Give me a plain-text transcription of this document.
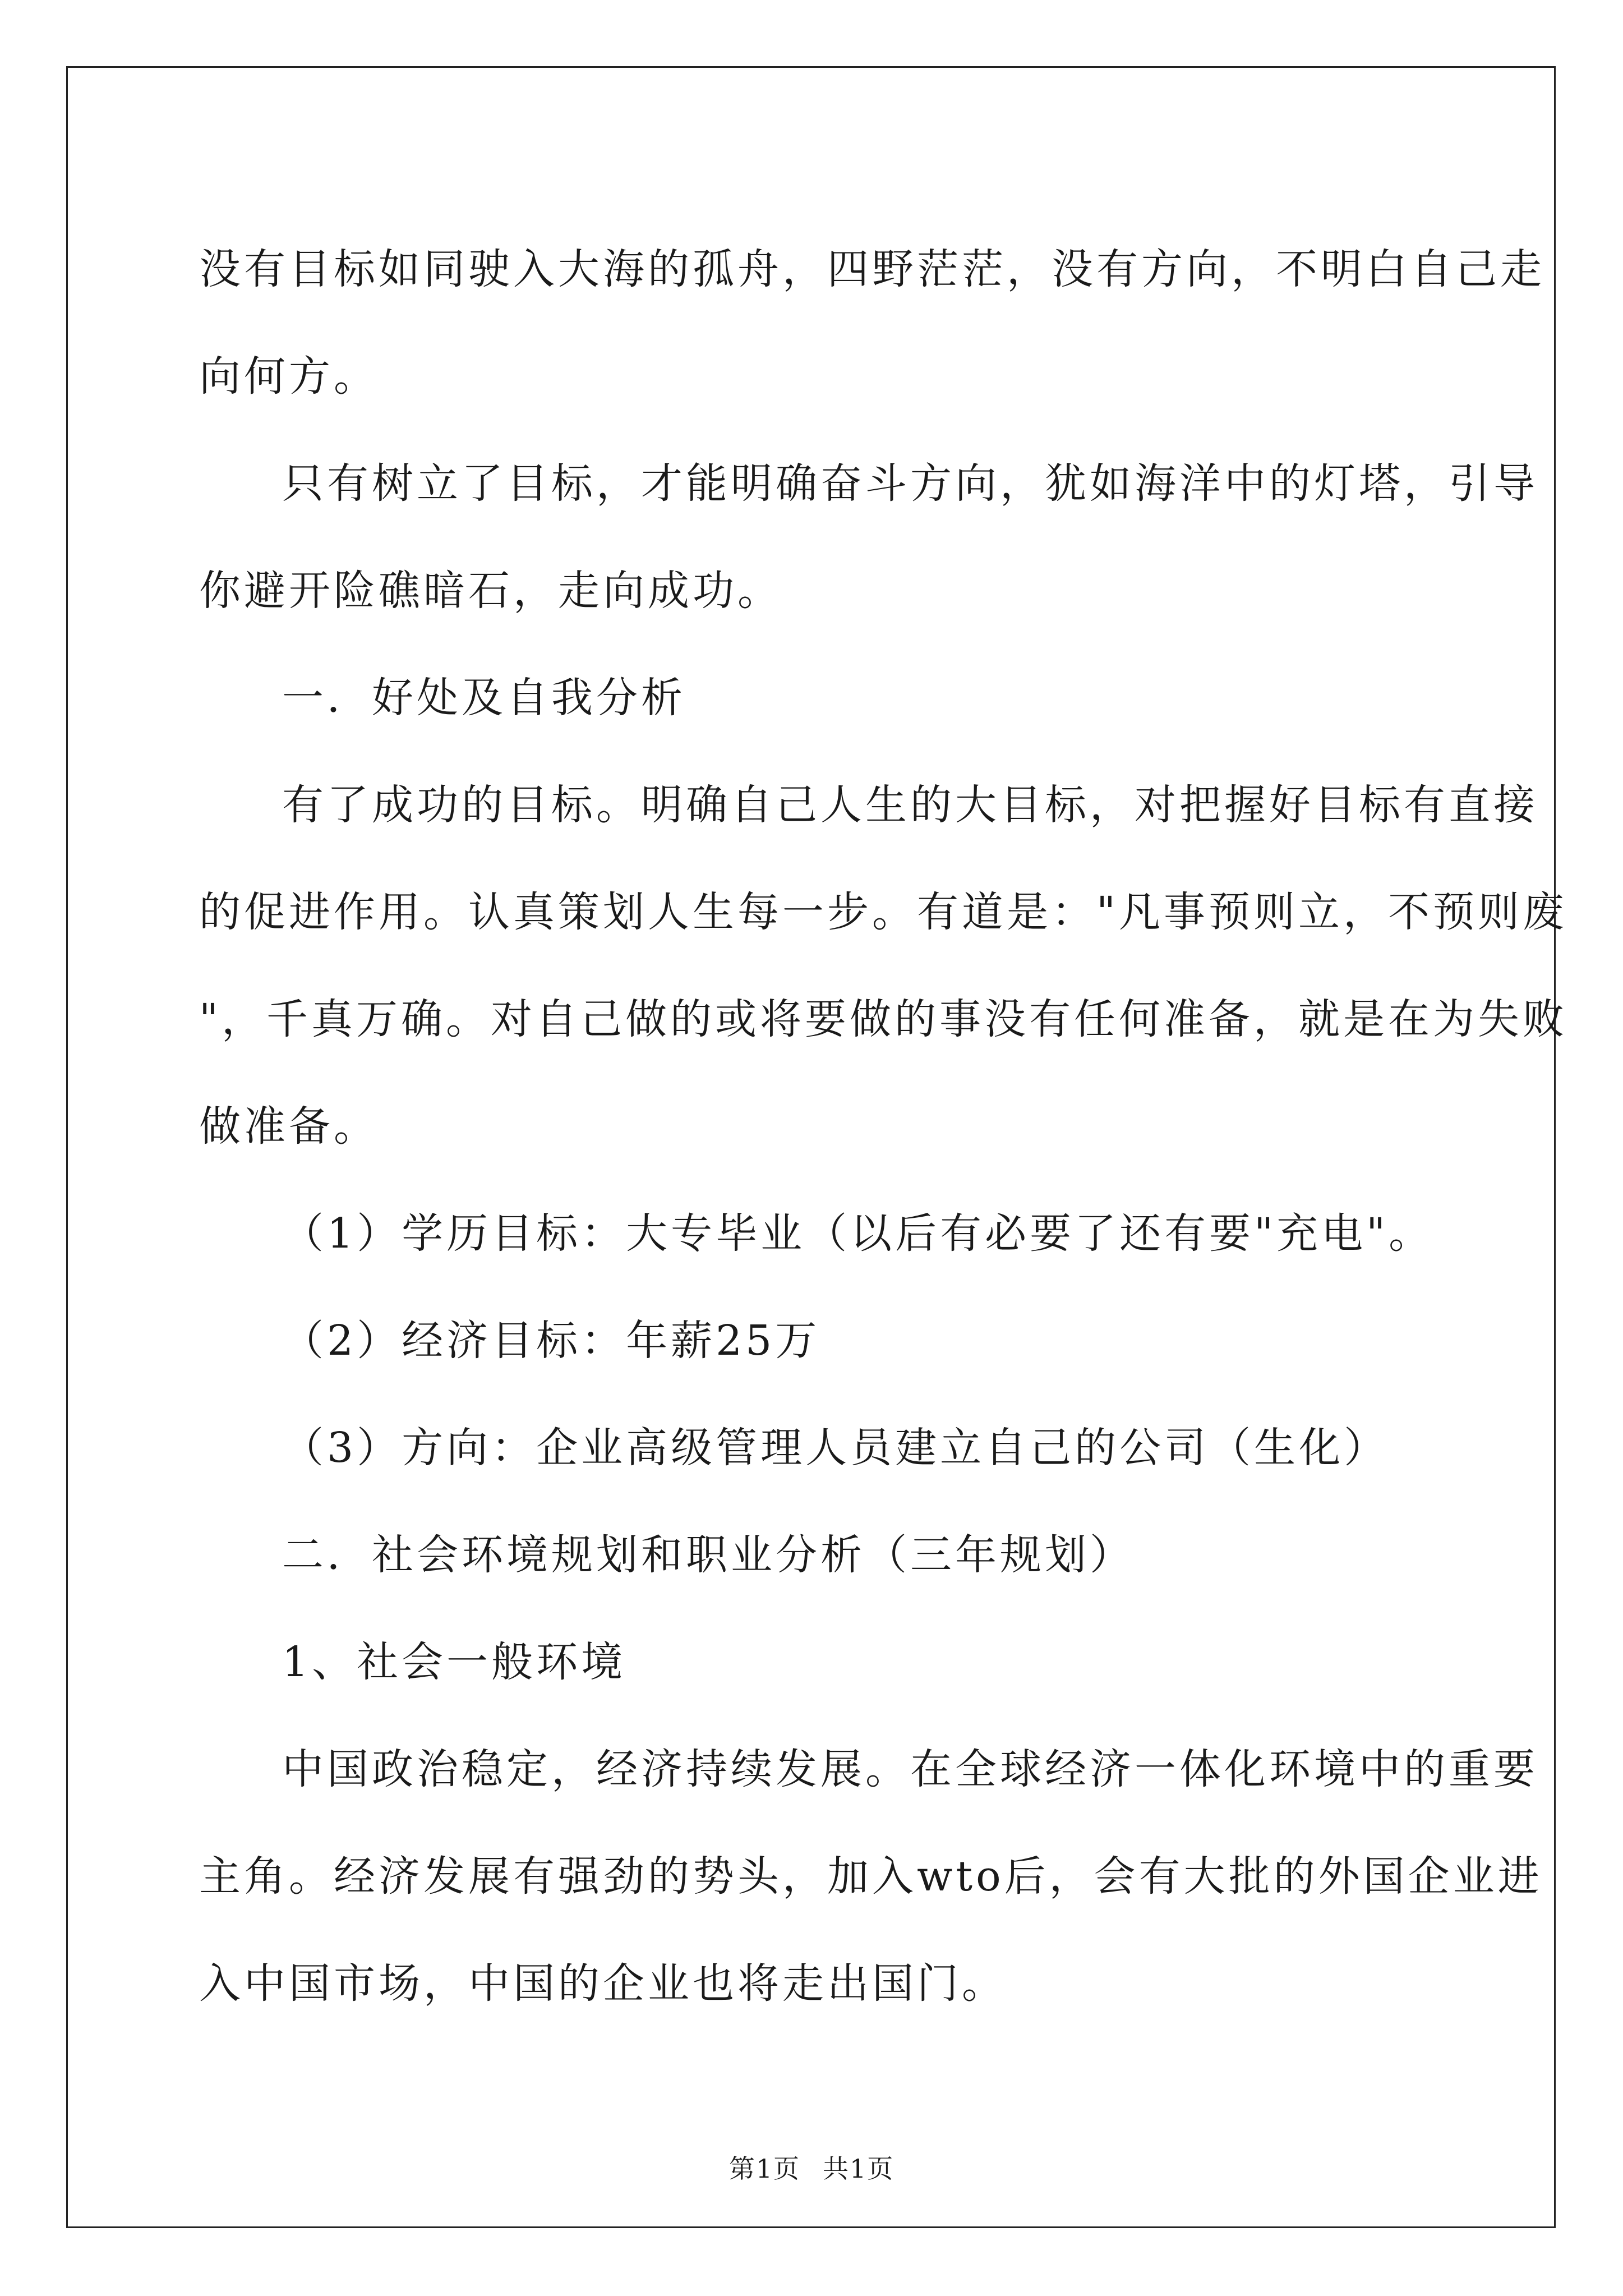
没有目标如同驶入大海的孤舟，四野茫茫，没有方向，不明白自己走

向何方。

只有树立了目标，才能明确奋斗方向，犹如海洋中的灯塔，引导

你避开险礁暗石，走向成功。

一．好处及自我分析

有了成功的目标。明确自己人生的大目标，对把握好目标有直接

的促进作用。认真策划人生每一步。有道是："凡事预则立，不预则废

"，千真万确。对自己做的或将要做的事没有任何准备，就是在为失败

做准备。

（1）学历目标：大专毕业（以后有必要了还有要"充电"。

（2）经济目标：年薪25万

（3）方向：企业高级管理人员建立自己的公司（生化）

二．社会环境规划和职业分析（三年规划）

1、社会一般环境

中国政治稳定，经济持续发展。在全球经济一体化环境中的重要

主角。经济发展有强劲的势头，加入wto后，会有大批的外国企业进

入中国市场，中国的企业也将走出国门。

第1页 共1页
